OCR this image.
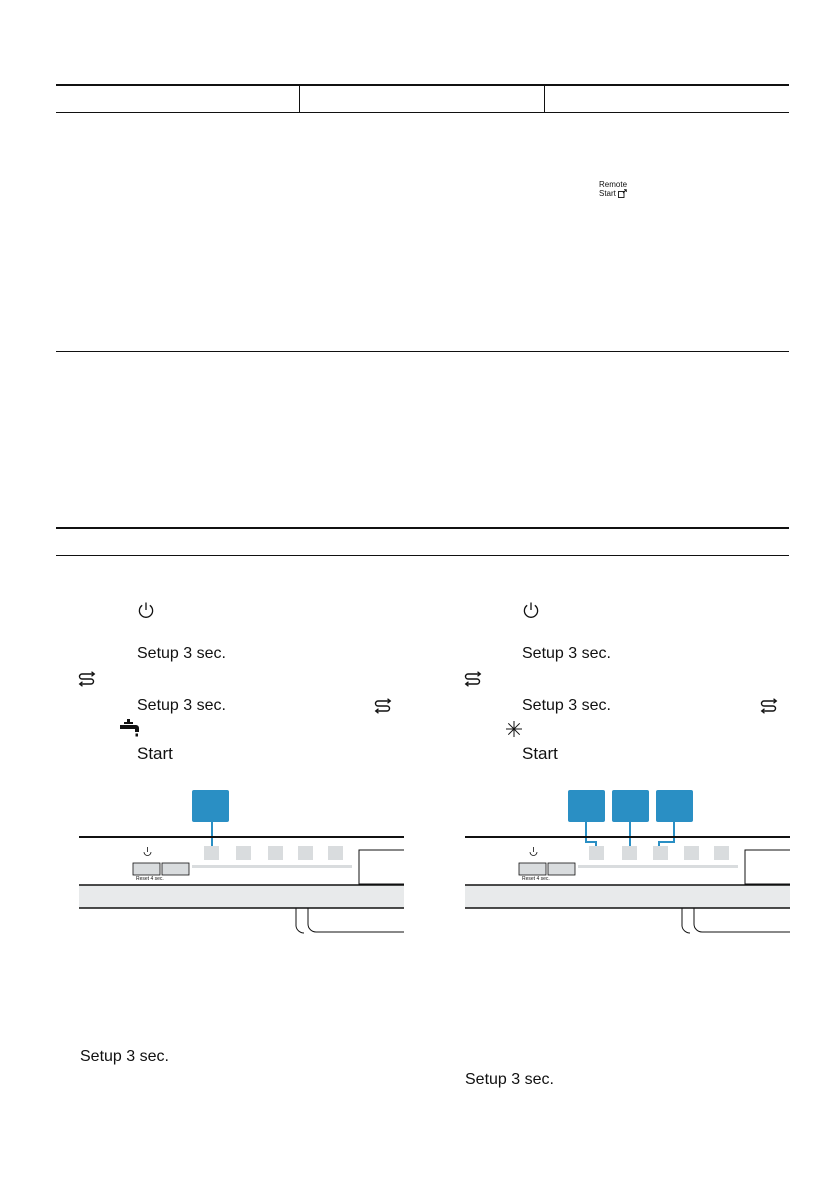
Remote
Start
Setup 3 sec.
Setup 3 sec.
Start
Reset 4 sec.
Setup 3 sec.
Setup 3 sec.
Setup 3 sec.
Start
Reset 4 sec.
Setup 3 sec.
